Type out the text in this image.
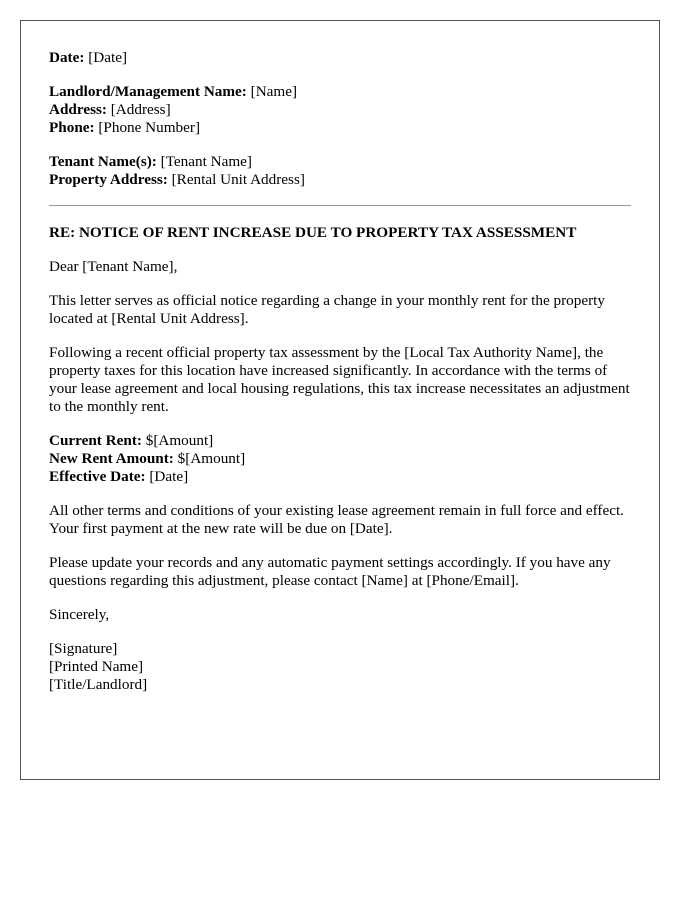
Date: [Date]
Landlord/Management Name: [Name]
Address: [Address]
Phone: [Phone Number]
Tenant Name(s): [Tenant Name]
Property Address: [Rental Unit Address]
RE: NOTICE OF RENT INCREASE DUE TO PROPERTY TAX ASSESSMENT

Dear [Tenant Name],

This letter serves as official notice regarding a change in your monthly rent for the property located at [Rental Unit Address].

Following a recent official property tax assessment by the [Local Tax Authority Name], the property taxes for this location have increased significantly. In accordance with the terms of your lease agreement and local housing regulations, this tax increase necessitates an adjustment to the monthly rent.

Current Rent: $[Amount]
New Rent Amount: $[Amount]
Effective Date: [Date]

All other terms and conditions of your existing lease agreement remain in full force and effect. Your first payment at the new rate will be due on [Date].

Please update your records and any automatic payment settings accordingly. If you have any questions regarding this adjustment, please contact [Name] at [Phone/Email].

Sincerely,

[Signature]
[Printed Name]
[Title/Landlord]
